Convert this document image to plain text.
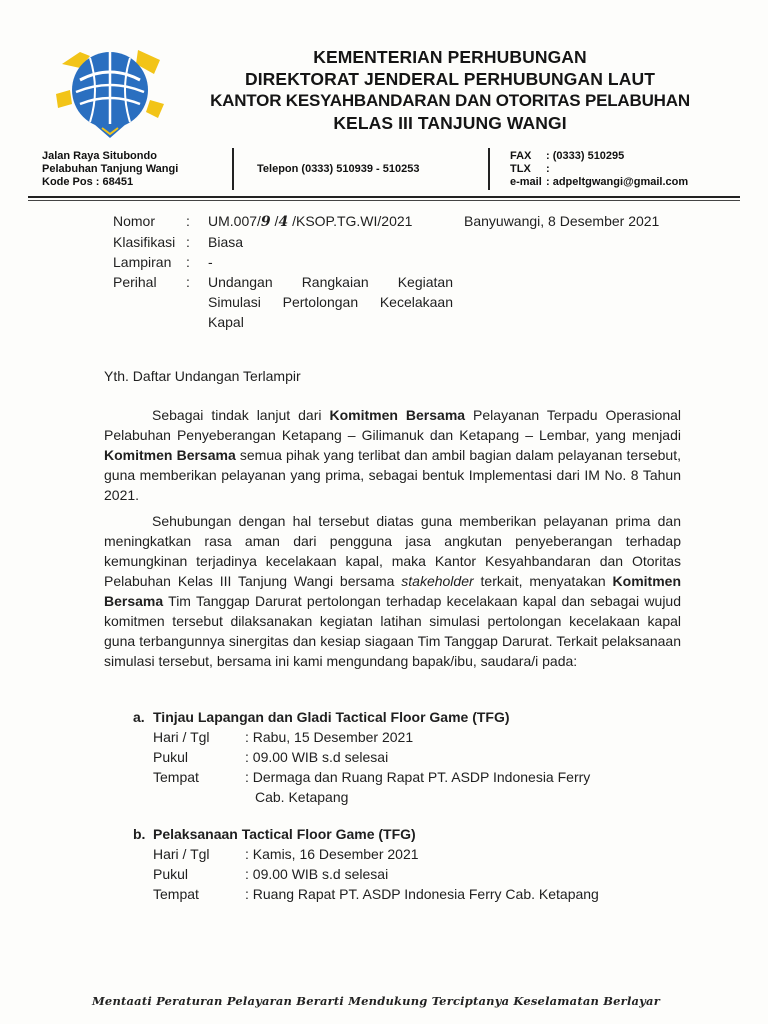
KEMENTERIAN PERHUBUNGAN
DIREKTORAT JENDERAL PERHUBUNGAN LAUT
KANTOR KESYAHBANDARAN DAN OTORITAS PELABUHAN
KELAS III TANJUNG WANGI
Jalan Raya Situbondo
Pelabuhan Tanjung Wangi
Kode Pos : 68451
Telepon (0333) 510939 - 510253
FAX : (0333) 510295
TLX :
e-mail : adpeltgwangi@gmail.com
Nomor	:	UM.007/9 /4 /KSOP.TG.WI/2021
Klasifikasi :	Biasa
Lampiran	:	-
Perihal	:	Undangan Rangkaian Kegiatan Simulasi Pertolongan Kecelakaan Kapal
Banyuwangi, 8 Desember 2021
Yth. Daftar Undangan Terlampir

Sebagai tindak lanjut dari Komitmen Bersama Pelayanan Terpadu Operasional Pelabuhan Penyeberangan Ketapang – Gilimanuk dan Ketapang – Lembar, yang menjadi Komitmen Bersama semua pihak yang terlibat dan ambil bagian dalam pelayanan tersebut, guna memberikan pelayanan yang prima, sebagai bentuk Implementasi dari IM No. 8 Tahun 2021.

Sehubungan dengan hal tersebut diatas guna memberikan pelayanan prima dan meningkatkan rasa aman dari pengguna jasa angkutan penyeberangan terhadap kemungkinan terjadinya kecelakaan kapal, maka Kantor Kesyahbandaran dan Otoritas Pelabuhan Kelas III Tanjung Wangi bersama stakeholder terkait, menyatakan Komitmen Bersama Tim Tanggap Darurat pertolongan terhadap kecelakaan kapal dan sebagai wujud komitmen tersebut dilaksanakan kegiatan latihan simulasi pertolongan kecelakaan kapal guna terbangunnya sinergitas dan kesiap siagaan Tim Tanggap Darurat. Terkait pelaksanaan simulasi tersebut, bersama ini kami mengundang bapak/ibu, saudara/i pada:

a. Tinjau Lapangan dan Gladi Tactical Floor Game (TFG)
Hari / Tgl	: Rabu, 15 Desember 2021
Pukul	: 09.00 WIB s.d selesai
Tempat	: Dermaga dan Ruang Rapat PT. ASDP Indonesia Ferry
Cab. Ketapang
b. Pelaksanaan Tactical Floor Game (TFG)
Hari / Tgl	: Kamis, 16 Desember 2021
Pukul	: 09.00 WIB s.d selesai
Tempat	: Ruang Rapat PT. ASDP Indonesia Ferry Cab. Ketapang
Mentaati Peraturan Pelayaran Berarti Mendukung Terciptanya Keselamatan Berlayar
